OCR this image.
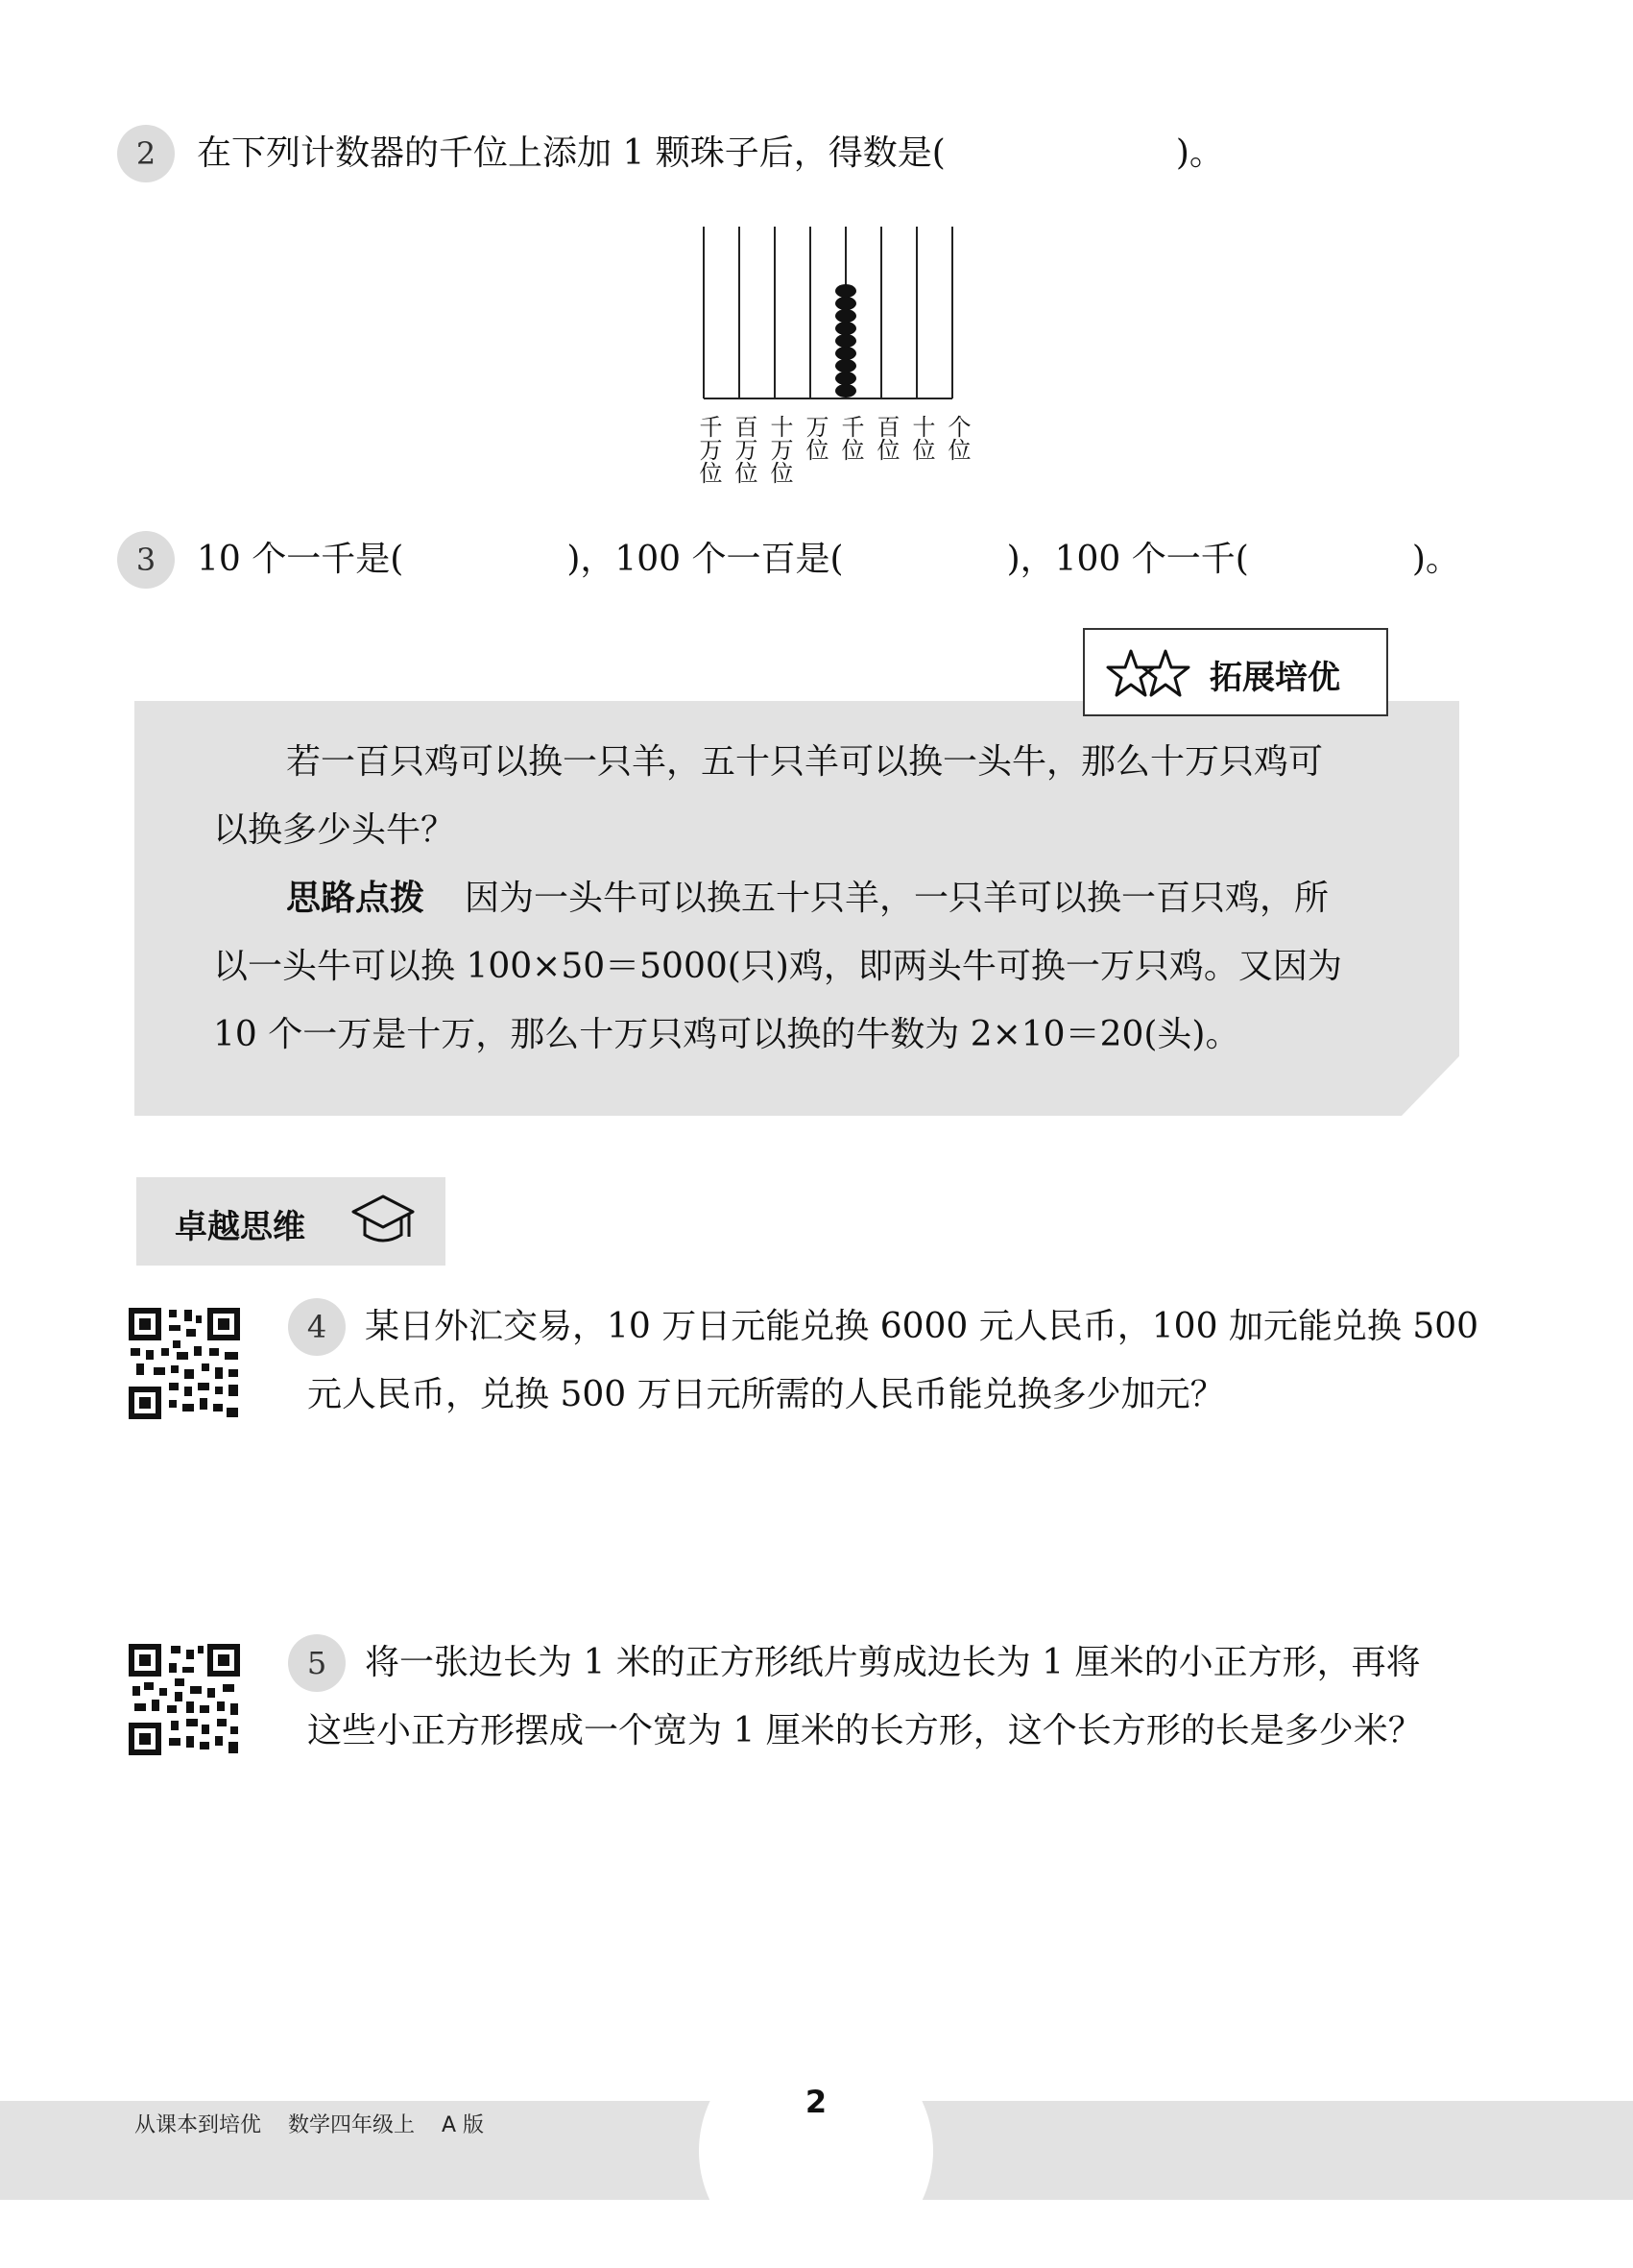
2	在下列计数器的千位上添加 1 颗珠子后，得数是(	)。
千万位 百万位 十万位 万位 千位 百位 十位 个位
3	10 个一千是(	)，100 个一百是(	)，100 个一千(	)。
拓展培优
若一百只鸡可以换一只羊，五十只羊可以换一头牛，那么十万只鸡可
以换多少头牛？
思路点拨 因为一头牛可以换五十只羊，一只羊可以换一百只鸡，所
以一头牛可以换 100×50＝5000(只)鸡，即两头牛可换一万只鸡。又因为
10 个一万是十万，那么十万只鸡可以换的牛数为 2×10＝20(头)。
卓越思维
4	某日外汇交易，10 万日元能兑换 6000 元人民币，100 加元能兑换 500
元人民币，兑换 500 万日元所需的人民币能兑换多少加元？
5	将一张边长为 1 米的正方形纸片剪成边长为 1 厘米的小正方形，再将
这些小正方形摆成一个宽为 1 厘米的长方形，这个长方形的长是多少米？
从课本到培优    数学四年级上    A 版
2
